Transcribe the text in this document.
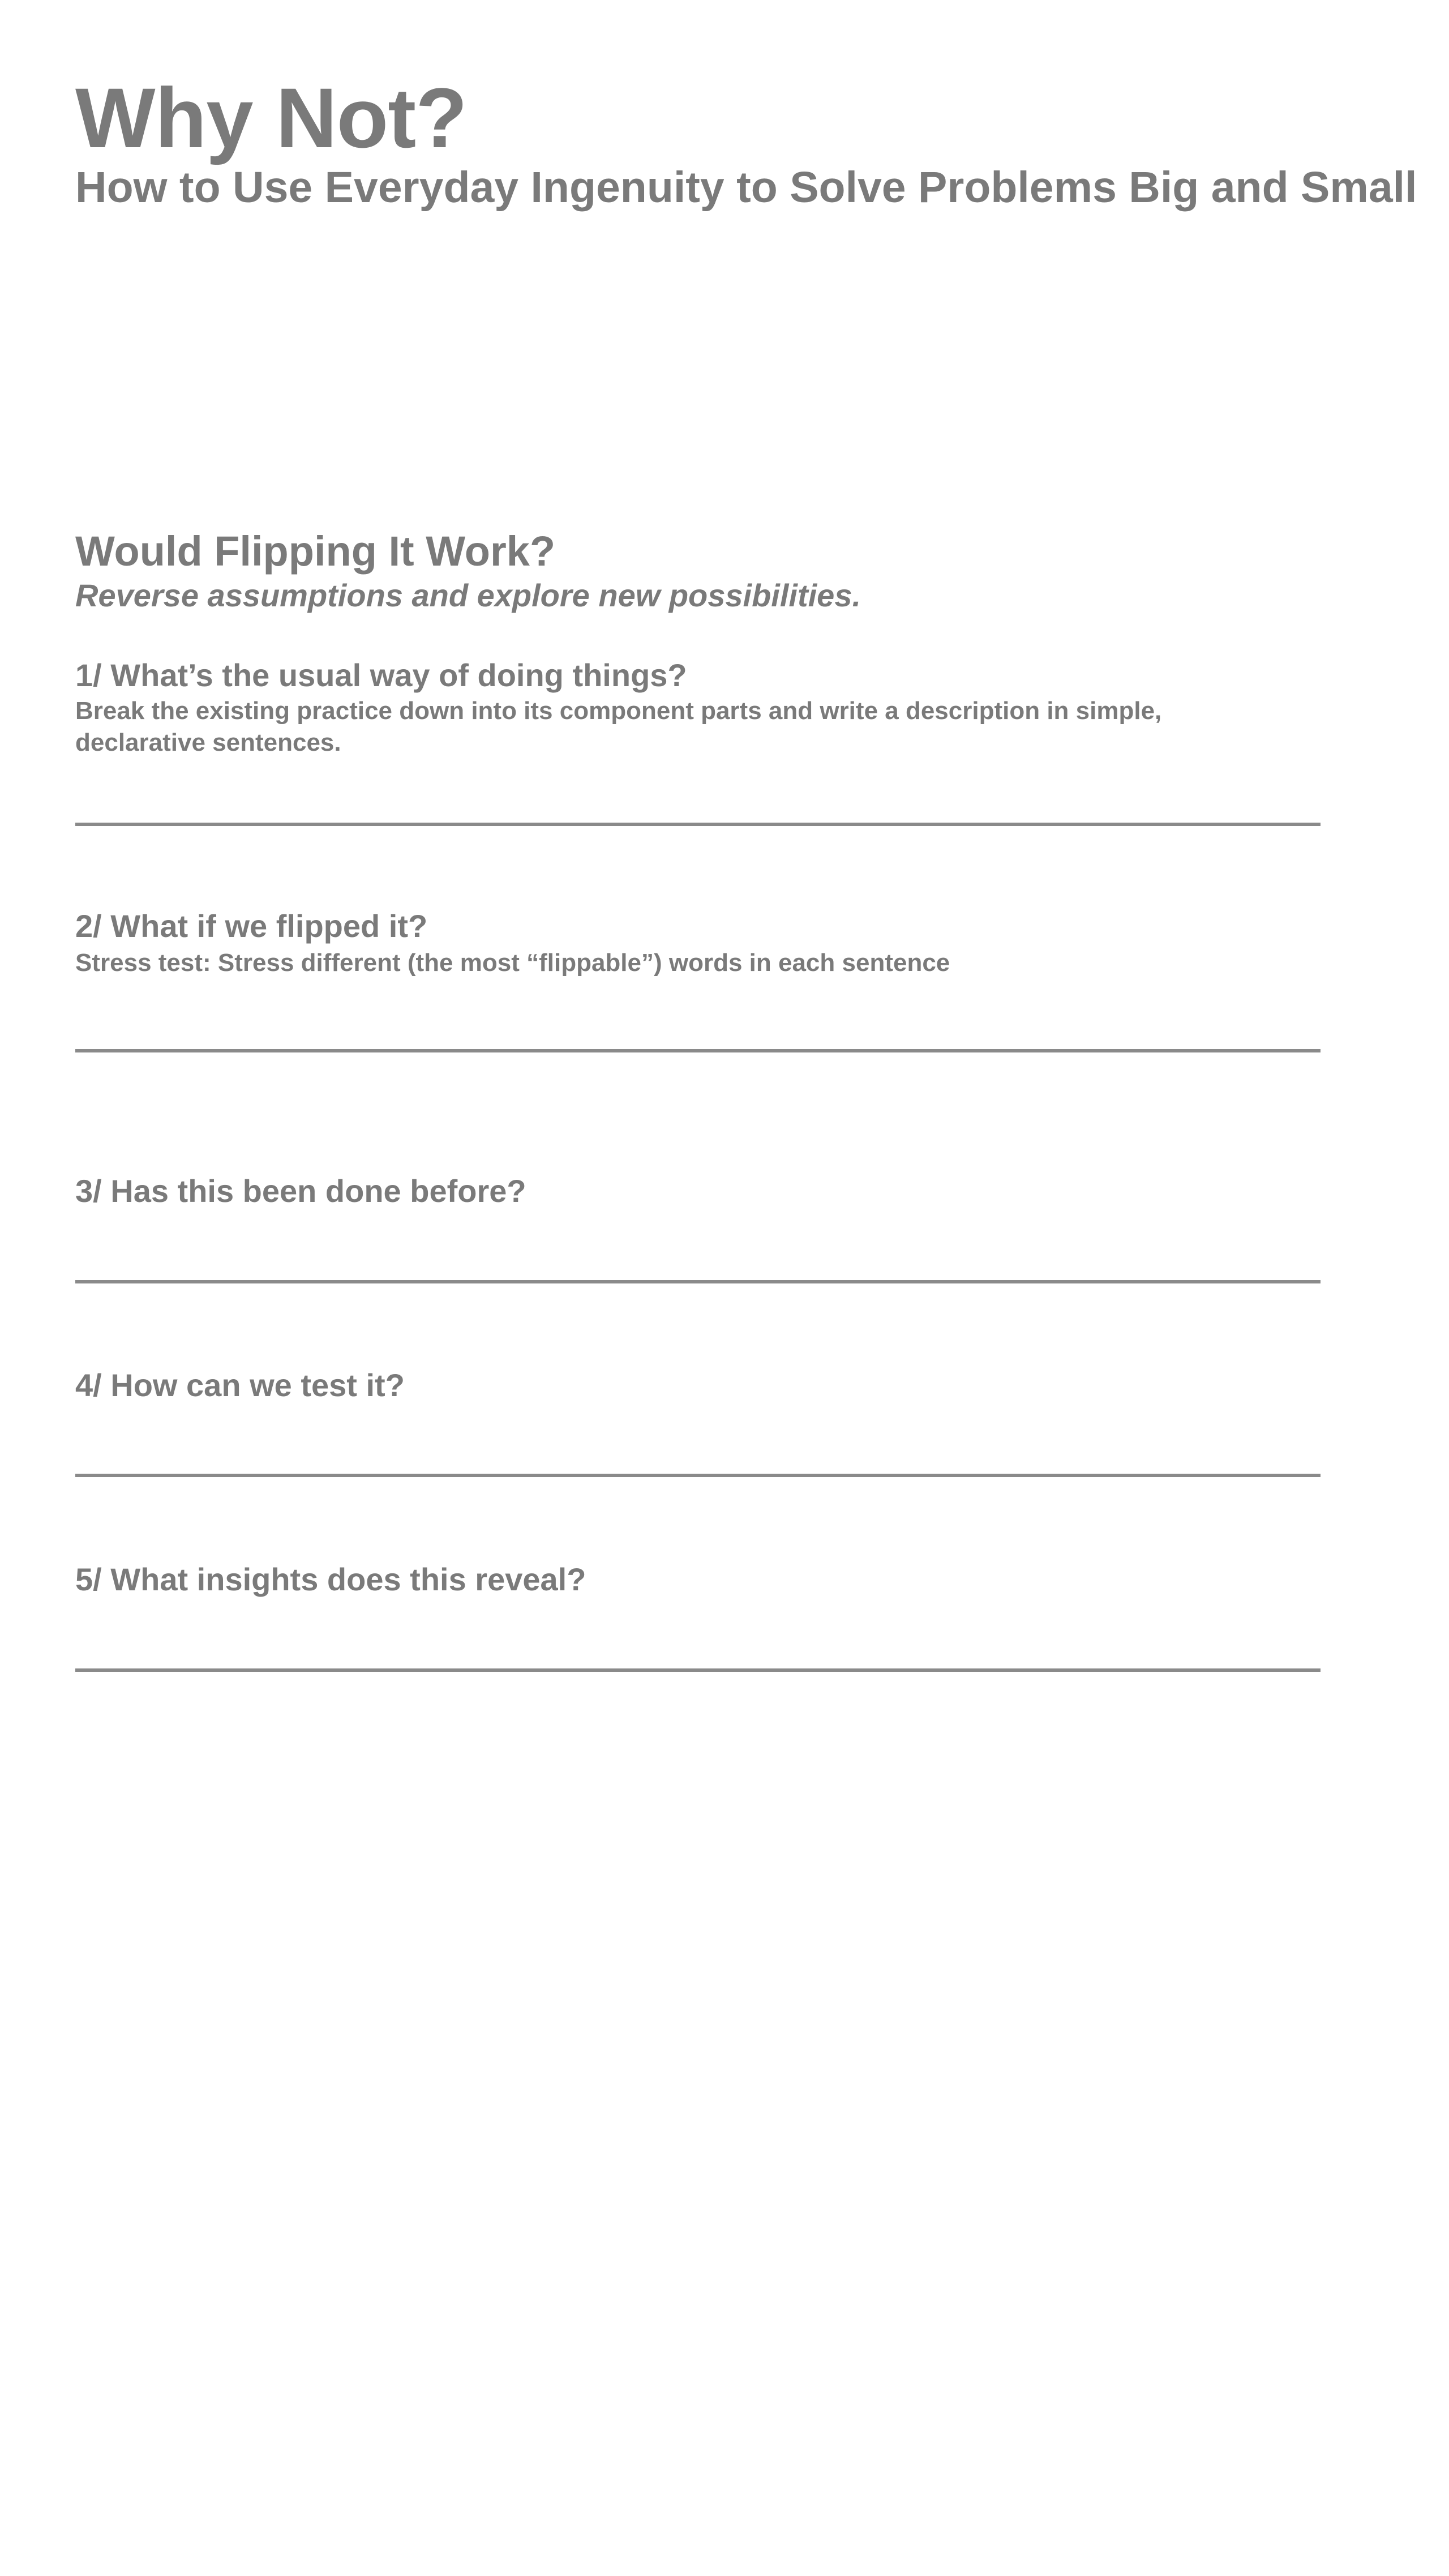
Why Not?
How to Use Everyday Ingenuity to Solve Problems Big and Small
Would Flipping It Work?

Reverse assumptions and explore new possibilities.

1/ What’s the usual way of doing things?

Break the existing practice down into its component parts and write a description in simple, declarative sentences.

2/ What if we flipped it?

Stress test: Stress different (the most “flippable”) words in each sentence

3/ Has this been done before?

4/ How can we test it?

5/ What insights does this reveal?
